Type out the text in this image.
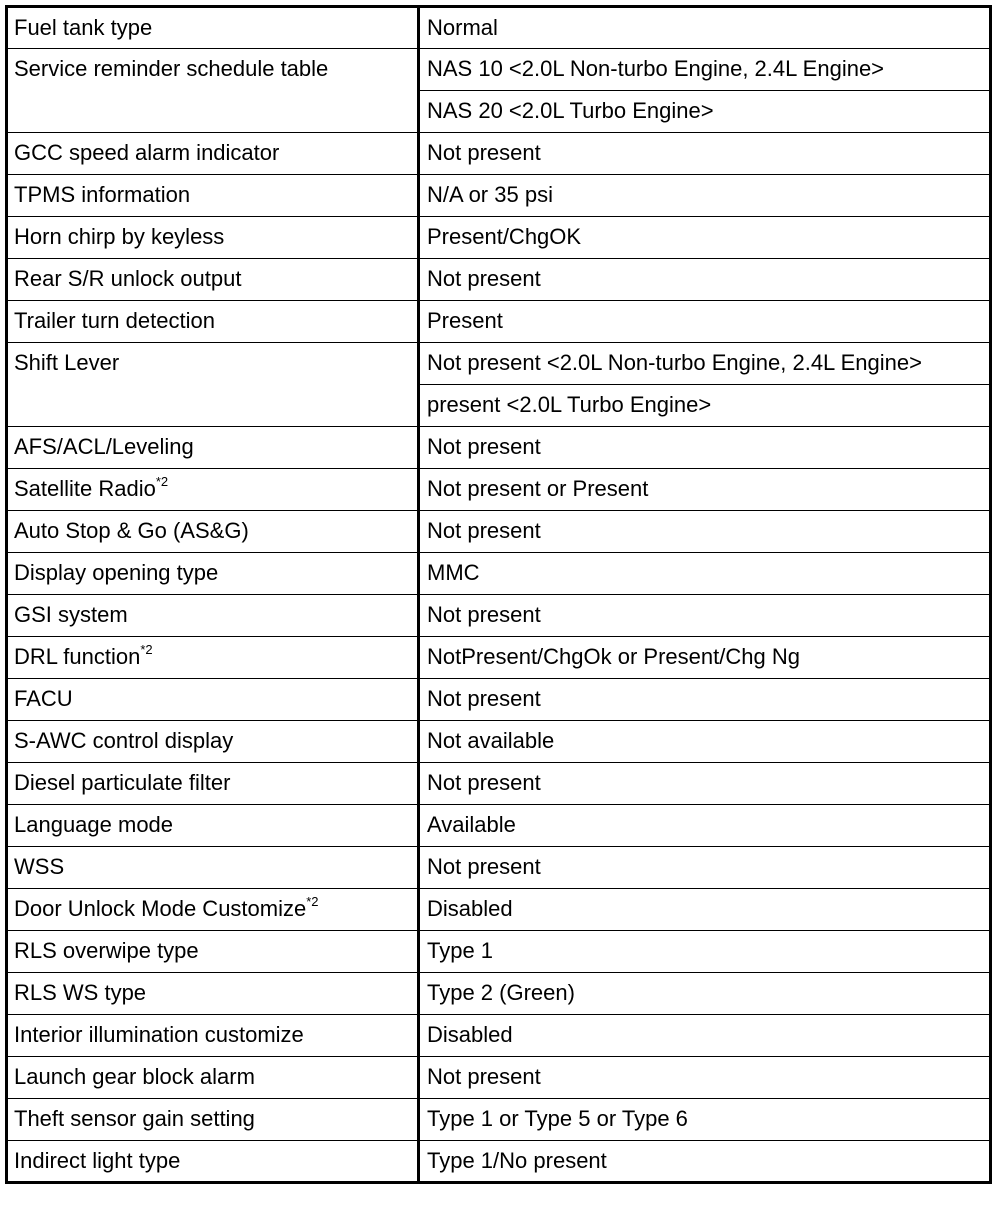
Fuel tank type	Normal
Service reminder schedule table	NAS 10 <2.0L Non-turbo Engine, 2.4L Engine>
	NAS 20 <2.0L Turbo Engine>
GCC speed alarm indicator	Not present
TPMS information	N/A or 35 psi
Horn chirp by keyless	Present/ChgOK
Rear S/R unlock output	Not present
Trailer turn detection	Present
Shift Lever	Not present <2.0L Non-turbo Engine, 2.4L Engine>
	present <2.0L Turbo Engine>
AFS/ACL/Leveling	Not present
Satellite Radio$^{*2}$	Not present or Present
Auto Stop & Go (AS&G)	Not present
Display opening type	MMC
GSI system	Not present
DRL function$^{*2}$	NotPresent/ChgOk or Present/Chg Ng
FACU	Not present
S-AWC control display	Not available
Diesel particulate filter	Not present
Language mode	Available
WSS	Not present
Door Unlock Mode Customize$^{*2}$	Disabled
RLS overwipe type	Type 1
RLS WS type	Type 2 (Green)
Interior illumination customize	Disabled
Launch gear block alarm	Not present
Theft sensor gain setting	Type 1 or Type 5 or Type 6
Indirect light type	Type 1/No present
